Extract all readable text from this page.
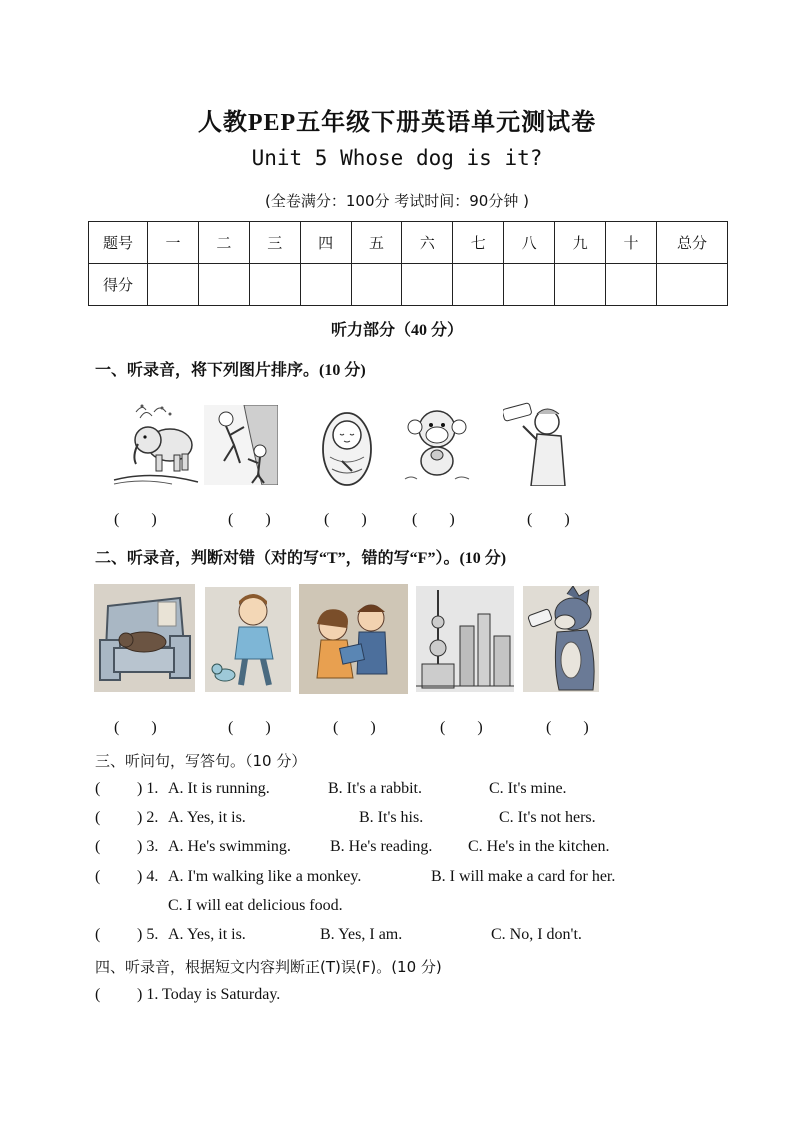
人教PEP五年级下册英语单元测试卷
Unit 5 Whose dog is it?
(全卷满分：100分 考试时间：90分钟 )
题号	一	二	三	四	五	六	七	八	九	十	总分
得分											
听力部分（40 分）
一、听录音，将下列图片排序。(10 分)
(　　)	(　　)	(　　)	(　　)	(　　)
二、听录音，判断对错（对的写“T”，错的写“F”）。(10 分)
(　　)	(　　)	(　　)	(　　)	(　　)
三、听问句，写答句。（10 分）
( ) 1. A. It is running.	B. It's a rabbit.	C. It's mine.
( ) 2. A. Yes, it is.	B. It's his.	C. It's not hers.
( ) 3. A. He's swimming. B. He's reading. C. He's in the kitchen.
( ) 4. A. I'm walking like a monkey.	B. I will make a card for her.
C. I will eat delicious food.
( ) 5. A. Yes, it is.	B. Yes, I am.	C. No, I don't.
四、听录音，根据短文内容判断正(T)误(F)。(10 分)
( ) 1. Today is Saturday.
